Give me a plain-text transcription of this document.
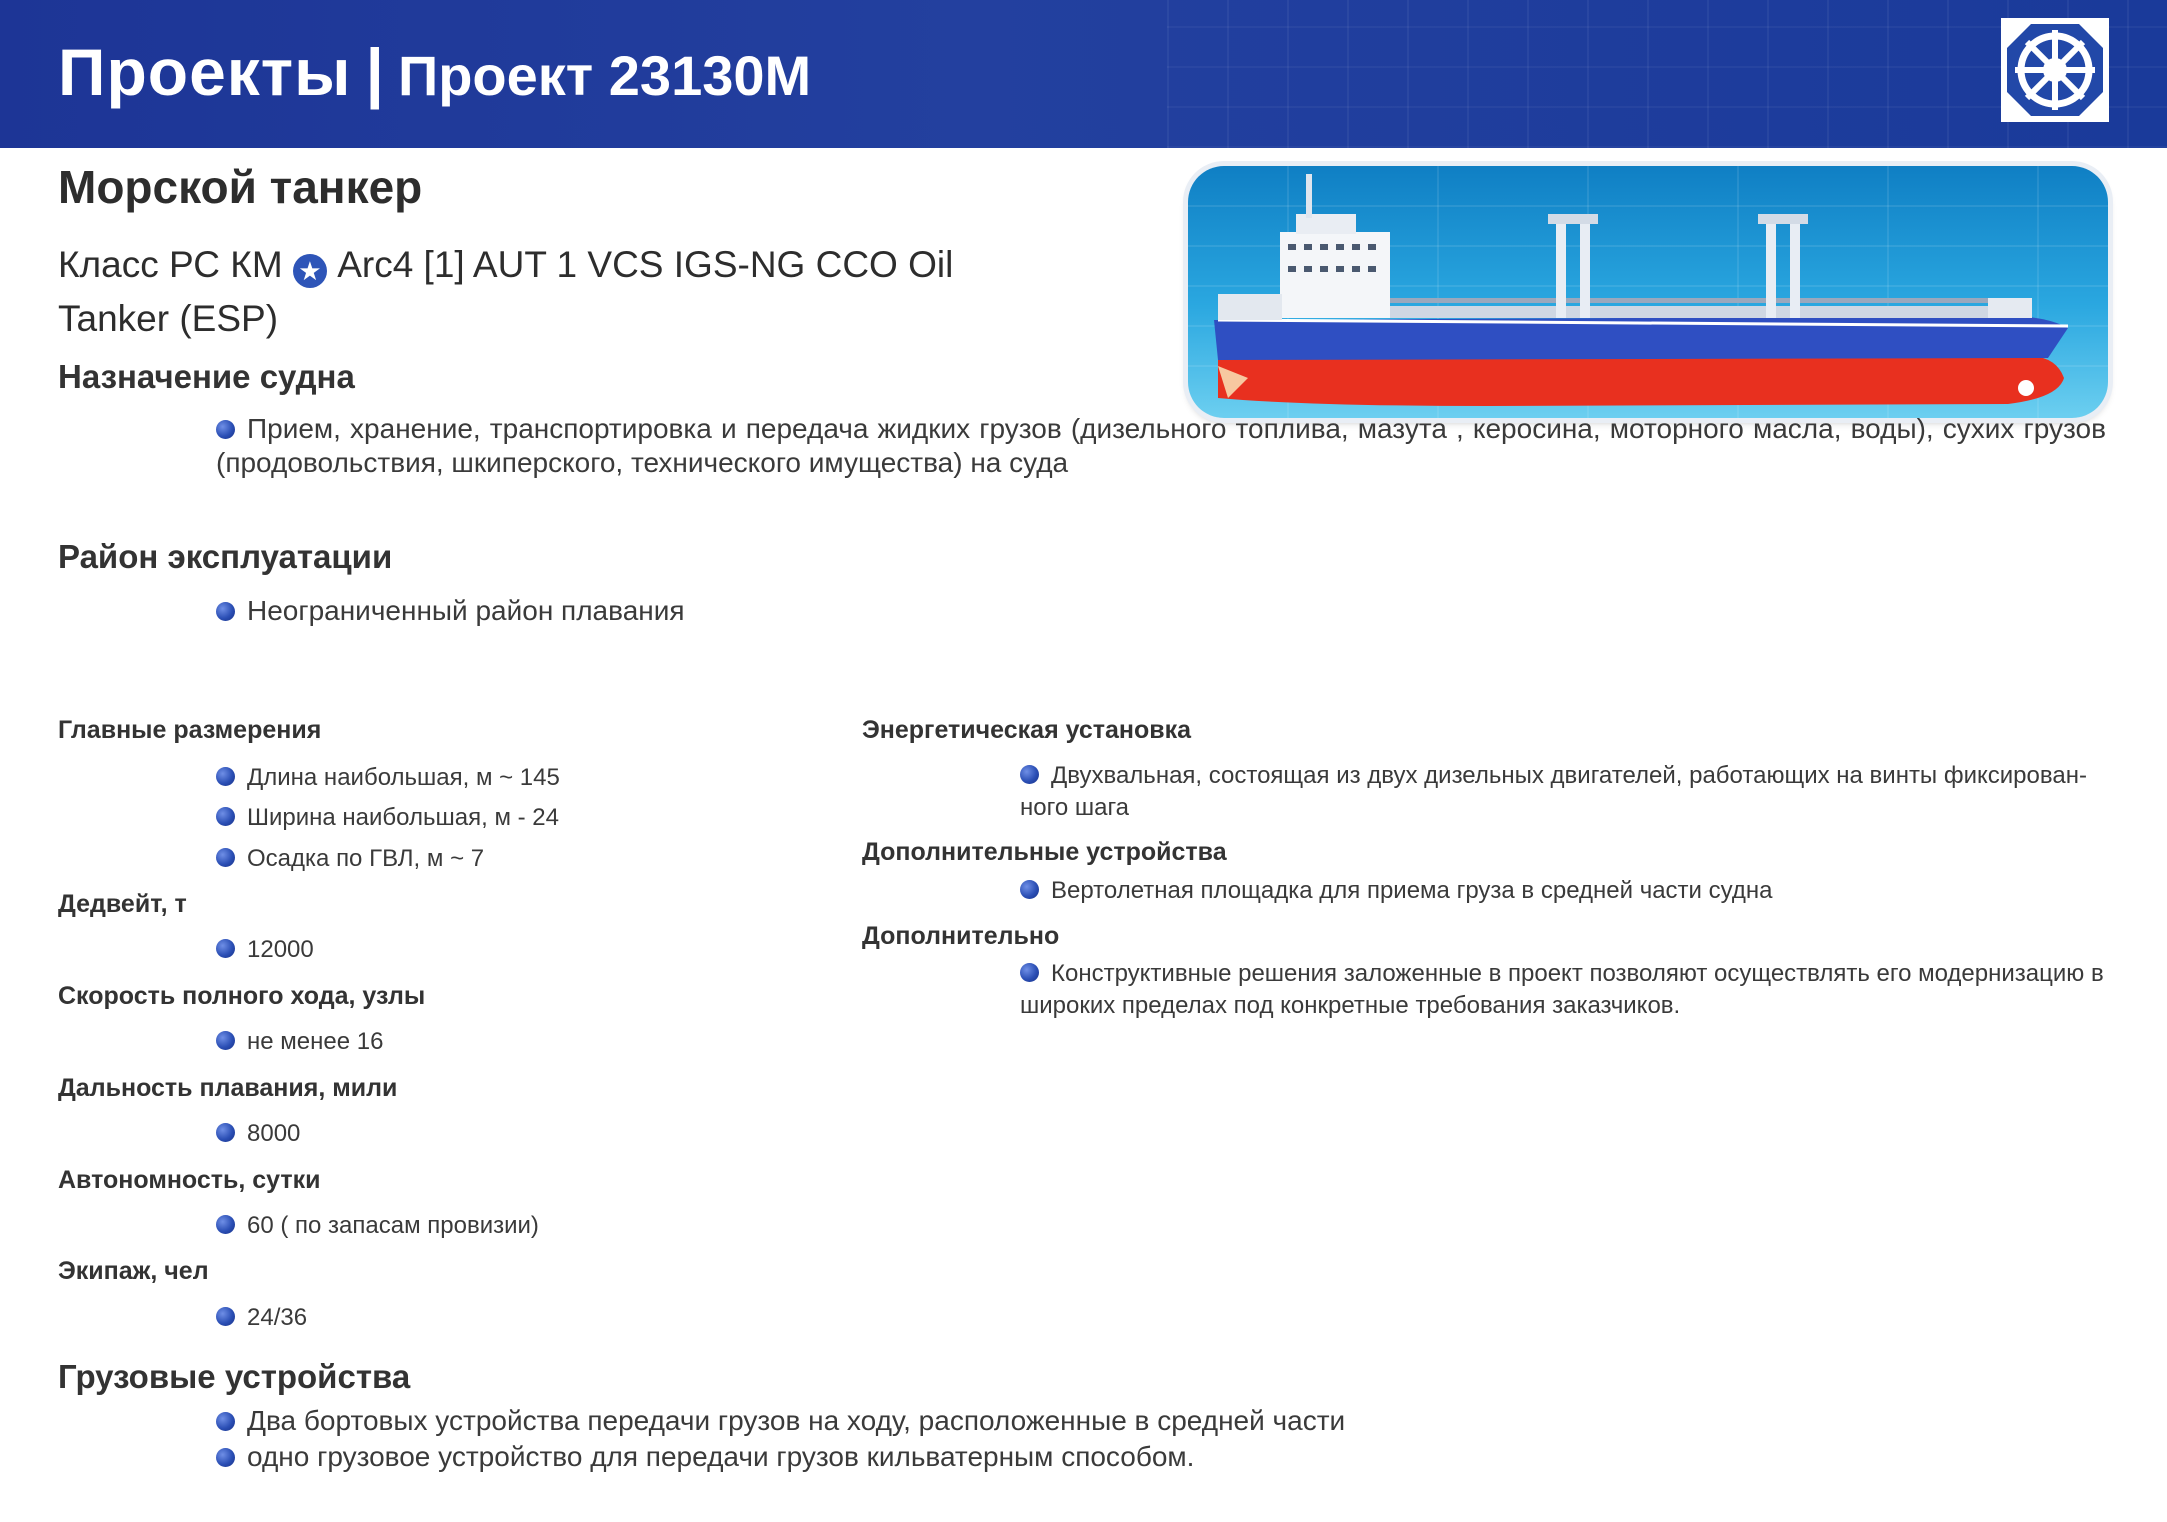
Проекты | Проект 23130М
Морской танкер
Класс РС КМ ★ Arc4 [1] AUT 1 VCS IGS-NG CCO Oil Tanker (ESP)
Назначение судна
Прием, хранение, транспортировка и передача жидких грузов (дизельного топлива, мазута , керосина, моторного масла, воды), сухих грузов (продовольствия, шкиперского, технического имущества) на суда
Район эксплуатации
Неограниченный район плавания
Главные размерения
Длина наибольшая, м ~ 145
Ширина наибольшая, м - 24
Осадка по ГВЛ, м ~ 7
Дедвейт, т
12000
Скорость полного хода, узлы
не менее 16
Дальность плавания, мили
8000
Автономность, сутки
60 ( по запасам провизии)
Экипаж, чел
24/36
Энергетическая установка
Двухвальная, состоящая из двух дизельных двигателей, работающих на винты фиксирован-ного шага
Дополнительные устройства
Вертолетная площадка для приема груза в средней части судна
Дополнительно
Конструктивные решения заложенные в проект позволяют осуществлять его модернизацию в широких пределах под конкретные требования заказчиков.
Грузовые устройства
Два бортовых устройства передачи грузов на ходу, расположенные в средней части
одно грузовое устройство для передачи грузов кильватерным способом.
